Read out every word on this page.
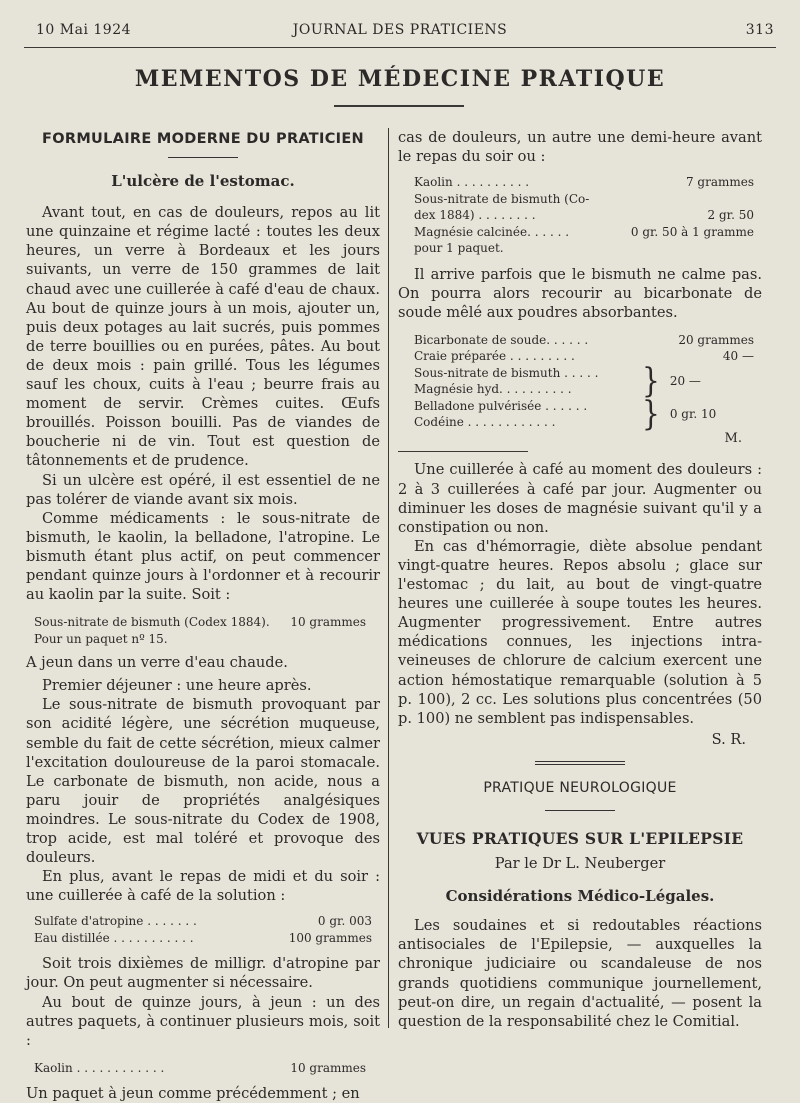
10 Mai 1924	JOURNAL DES PRATICIENS	313
MEMENTOS DE MÉDECINE PRATIQUE
FORMULAIRE MODERNE DU PRATICIEN
L'ulcère de l'estomac.

Avant tout, en cas de douleurs, repos au lit une quinzaine et régime lacté : toutes les deux heures, un verre à Bordeaux et les jours suivants, un verre de 150 grammes de lait chaud avec une cuillerée à café d'eau de chaux. Au bout de quinze jours à un mois, ajouter un, puis deux potages au lait sucrés, puis pommes de terre bouillies ou en purées, pâtes. Au bout de deux mois : pain grillé. Tous les légumes sauf les choux, cuits à l'eau ; beurre frais au moment de servir. Crèmes cuites. Œufs brouillés. Poisson bouilli. Pas de viandes de boucherie ni de vin. Tout est question de tâtonnements et de prudence.

Si un ulcère est opéré, il est essentiel de ne pas tolérer de viande avant six mois.

Comme médicaments : le sous-nitrate de bismuth, le kaolin, la belladone, l'atropine. Le bismuth étant plus actif, on peut commencer pendant quinze jours à l'ordonner et à recourir au kaolin par la suite. Soit :

Sous-nitrate de bismuth (Codex 1884). 10 grammes
Pour un paquet nº 15.

A jeun dans un verre d'eau chaude.

Premier déjeuner : une heure après.

Le sous-nitrate de bismuth provoquant par son acidité légère, une sécrétion muqueuse, semble du fait de cette sécrétion, mieux calmer l'excitation douloureuse de la paroi stomacale. Le carbonate de bismuth, non acide, nous a paru jouir de propriétés analgésiques moindres. Le sous-nitrate du Codex de 1908, trop acide, est mal toléré et provoque des douleurs.

En plus, avant le repas de midi et du soir : une cuillerée à café de la solution :

Sulfate d'atropine . . . . . . .	0 gr. 003
Eau distillée . . . . . . . . . . .	100 grammes

Soit trois dixièmes de milligr. d'atropine par jour. On peut augmenter si nécessaire.

Au bout de quinze jours, à jeun : un des autres paquets, à continuer plusieurs mois, soit :

Kaolin . . . . . . . . . . . .	10 grammes

Un paquet à jeun comme précédemment ; en

cas de douleurs, un autre une demi-heure avant le repas du soir ou :

Kaolin . . . . . . . . . .	7 grammes
Sous-nitrate de bismuth (Co-
dex 1884) . . . . . . . .	2 gr. 50
Magnésie calcinée. . . . . .	0 gr. 50 à 1 gramme
pour 1 paquet.

Il arrive parfois que le bismuth ne calme pas. On pourra alors recourir au bicarbonate de soude mêlé aux poudres absorbantes.

Bicarbonate de soude. . . . . .	20 grammes
Craie préparée . . . . . . . . .	40 —
Sous-nitrate de bismuth . . . . .
Magnésie hyd. . . . . . . . . .	} 20 —
Belladone pulvérisée . . . . . .
Codéine . . . . . . . . . . . .	} 0 gr. 10
M.

Une cuillerée à café au moment des douleurs : 2 à 3 cuillerées à café par jour. Augmenter ou diminuer les doses de magnésie suivant qu'il y a constipation ou non.

En cas d'hémorragie, diète absolue pendant vingt-quatre heures. Repos absolu ; glace sur l'estomac ; du lait, au bout de vingt-quatre heures une cuillerée à soupe toutes les heures. Augmenter progressivement. Entre autres médications connues, les injections intra-veineuses de chlorure de calcium exercent une action hémostatique remarquable (solution à 5 p. 100), 2 cc. Les solutions plus concentrées (50 p. 100) ne semblent pas indispensables.

S. R.
PRATIQUE NEUROLOGIQUE
VUES PRATIQUES SUR L'EPILEPSIE
Par le Dr L. Neuberger
Considérations Médico-Légales.

Les soudaines et si redoutables réactions antisociales de l'Epilepsie, — auxquelles la chronique judiciaire ou scandaleuse de nos grands quotidiens communique journellement, peut-on dire, un regain d'actualité, — posent la question de la responsabilité chez le Comitial.
